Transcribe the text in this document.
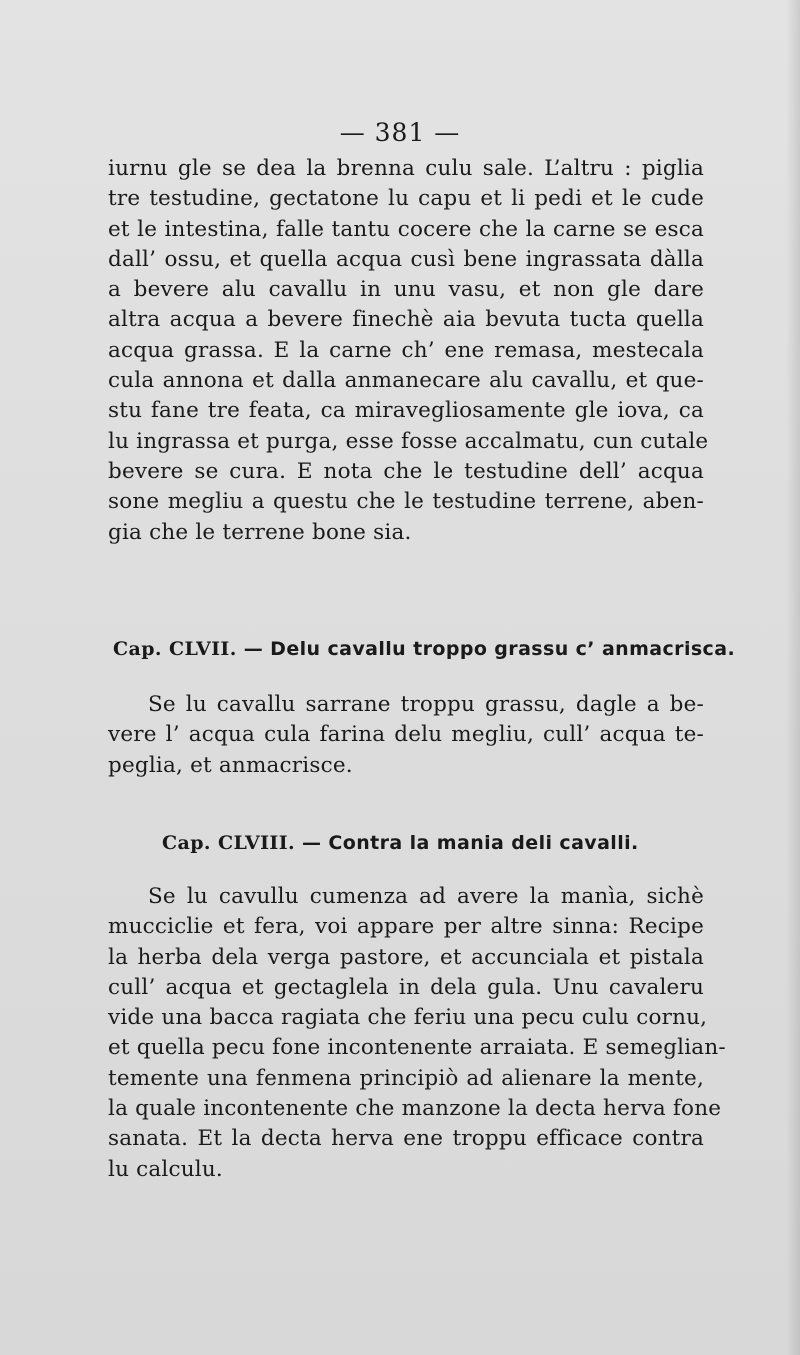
— 381 —
iurnu gle se dea la brenna culu sale. L’altru : piglia
tre testudine, gectatone lu capu et li pedi et le cude
et le intestina, falle tantu cocere che la carne se esca
dall’ ossu, et quella acqua cusì bene ingrassata dàlla
a bevere alu cavallu in unu vasu, et non gle dare
altra acqua a bevere finechè aia bevuta tucta quella
acqua grassa. E la carne ch’ ene remasa, mestecala
cula annona et dalla anmanecare alu cavallu, et que-
stu fane tre feata, ca miravegliosamente gle iova, ca
lu ingrassa et purga, esse fosse accalmatu, cun cutale
bevere se cura. E nota che le testudine dell’ acqua
sone megliu a questu che le testudine terrene, aben-
gia che le terrene bone sia.
Cap. CLVII. — Delu cavallu troppo grassu c’ anmacrisca.
Se lu cavallu sarrane troppu grassu, dagle a be-
vere l’ acqua cula farina delu megliu, cull’ acqua te-
peglia, et anmacrisce.
Cap. CLVIII. — Contra la mania deli cavalli.
Se lu cavullu cumenza ad avere la manìa, sichè
mucciclie et fera, voi appare per altre sinna: Recipe
la herba dela verga pastore, et accunciala et pistala
cull’ acqua et gectaglela in dela gula. Unu cavaleru
vide una bacca ragiata che feriu una pecu culu cornu,
et quella pecu fone incontenente arraiata. E semeglian-
temente una fenmena principiò ad alienare la mente,
la quale incontenente che manzone la decta herva fone
sanata. Et la decta herva ene troppu efficace contra
lu calculu.
